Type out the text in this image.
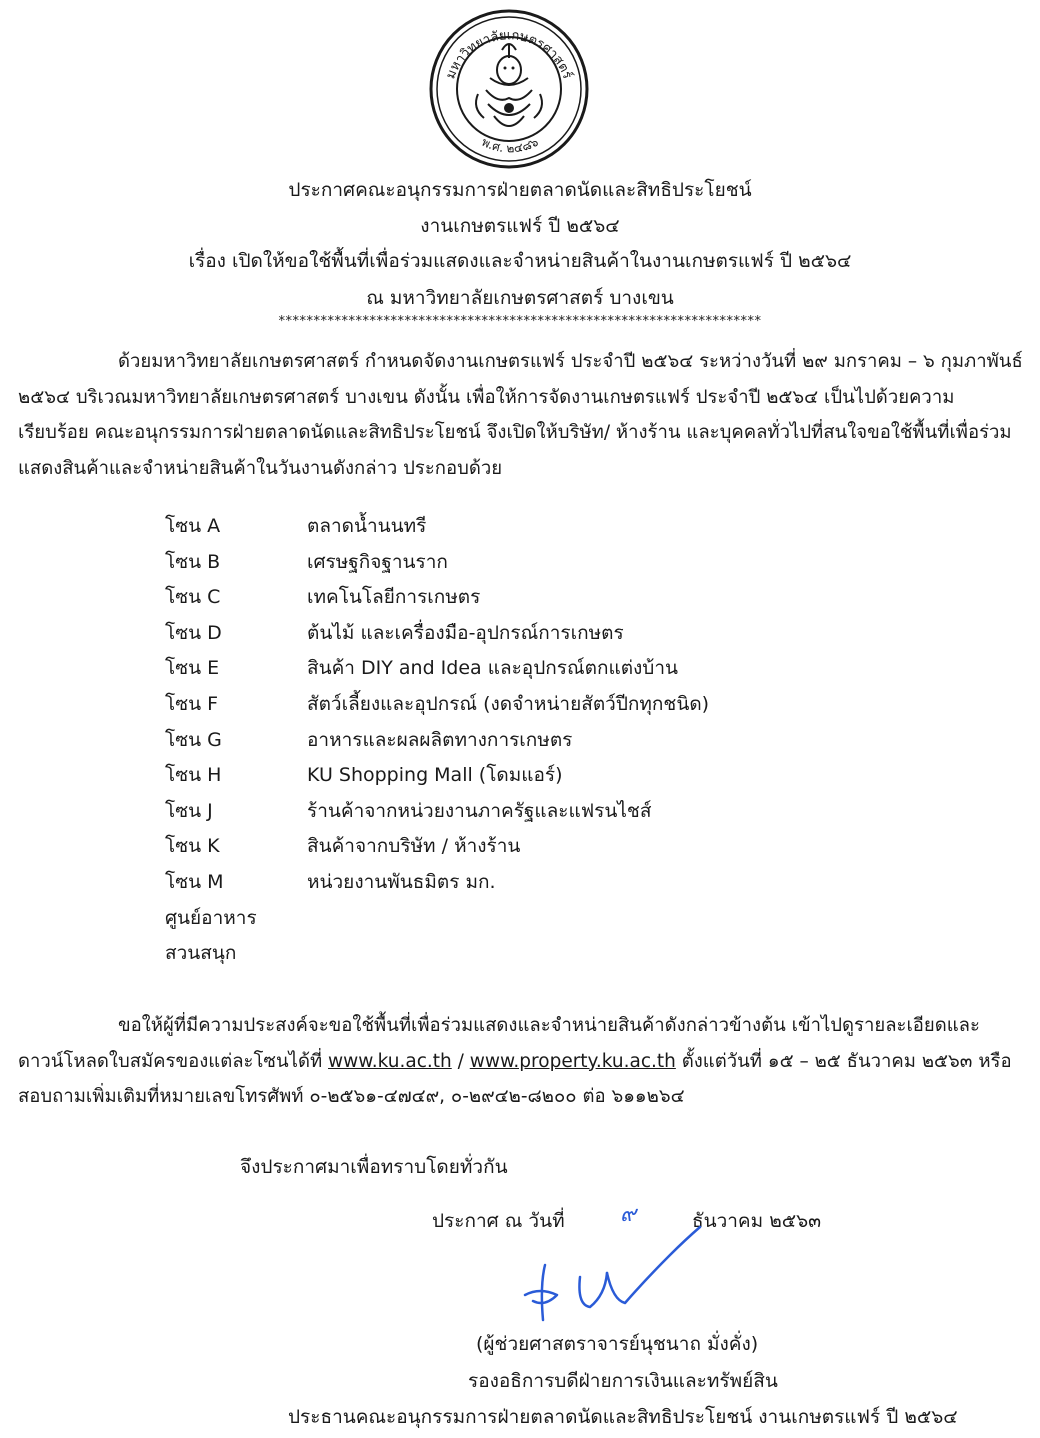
มหาวิทยาลัยเกษตรศาสตร์
พ.ศ. ๒๔๘๖
ประกาศคณะอนุกรรมการฝ่ายตลาดนัดและสิทธิประโยชน์
งานเกษตรแฟร์ ปี ๒๕๖๔
เรื่อง เปิดให้ขอใช้พื้นที่เพื่อร่วมแสดงและจำหน่ายสินค้าในงานเกษตรแฟร์ ปี ๒๕๖๔
ณ มหาวิทยาลัยเกษตรศาสตร์ บางเขน
*********************************************************************
ด้วยมหาวิทยาลัยเกษตรศาสตร์ กำหนดจัดงานเกษตรแฟร์ ประจำปี ๒๕๖๔ ระหว่างวันที่ ๒๙ มกราคม – ๖ กุมภาพันธ์ ๒๕๖๔ บริเวณมหาวิทยาลัยเกษตรศาสตร์ บางเขน ดังนั้น เพื่อให้การจัดงานเกษตรแฟร์ ประจำปี ๒๕๖๔ เป็นไปด้วยความเรียบร้อย คณะอนุกรรมการฝ่ายตลาดนัดและสิทธิประโยชน์ จึงเปิดให้บริษัท/ ห้างร้าน และบุคคลทั่วไปที่สนใจขอใช้พื้นที่เพื่อร่วมแสดงสินค้าและจำหน่ายสินค้าในวันงานดังกล่าว ประกอบด้วย
โซน A	ตลาดน้ำนนทรี
โซน B	เศรษฐกิจฐานราก
โซน C	เทคโนโลยีการเกษตร
โซน D	ต้นไม้ และเครื่องมือ-อุปกรณ์การเกษตร
โซน E	สินค้า DIY and Idea และอุปกรณ์ตกแต่งบ้าน
โซน F	สัตว์เลี้ยงและอุปกรณ์ (งดจำหน่ายสัตว์ปีกทุกชนิด)
โซน G	อาหารและผลผลิตทางการเกษตร
โซน H	KU Shopping Mall (โดมแอร์)
โซน J	ร้านค้าจากหน่วยงานภาครัฐและแฟรนไชส์
โซน K	สินค้าจากบริษัท / ห้างร้าน
โซน M	หน่วยงานพันธมิตร มก.
ศูนย์อาหาร
สวนสนุก
ขอให้ผู้ที่มีความประสงค์จะขอใช้พื้นที่เพื่อร่วมแสดงและจำหน่ายสินค้าดังกล่าวข้างต้น เข้าไปดูรายละเอียดและดาวน์โหลดใบสมัครของแต่ละโซนได้ที่ www.ku.ac.th / www.property.ku.ac.th ตั้งแต่วันที่ ๑๕ – ๒๕ ธันวาคม ๒๕๖๓ หรือสอบถามเพิ่มเติมที่หมายเลขโทรศัพท์ ๐-๒๕๖๑-๔๗๔๙, ๐-๒๙๔๒-๘๒๐๐ ต่อ ๖๑๑๒๖๔
จึงประกาศมาเพื่อทราบโดยทั่วกัน
ประกาศ ณ วันที่	๙	ธันวาคม ๒๕๖๓
(ผู้ช่วยศาสตราจารย์นุชนาถ มั่งคั่ง)
รองอธิการบดีฝ่ายการเงินและทรัพย์สิน
ประธานคณะอนุกรรมการฝ่ายตลาดนัดและสิทธิประโยชน์ งานเกษตรแฟร์ ปี ๒๕๖๔
